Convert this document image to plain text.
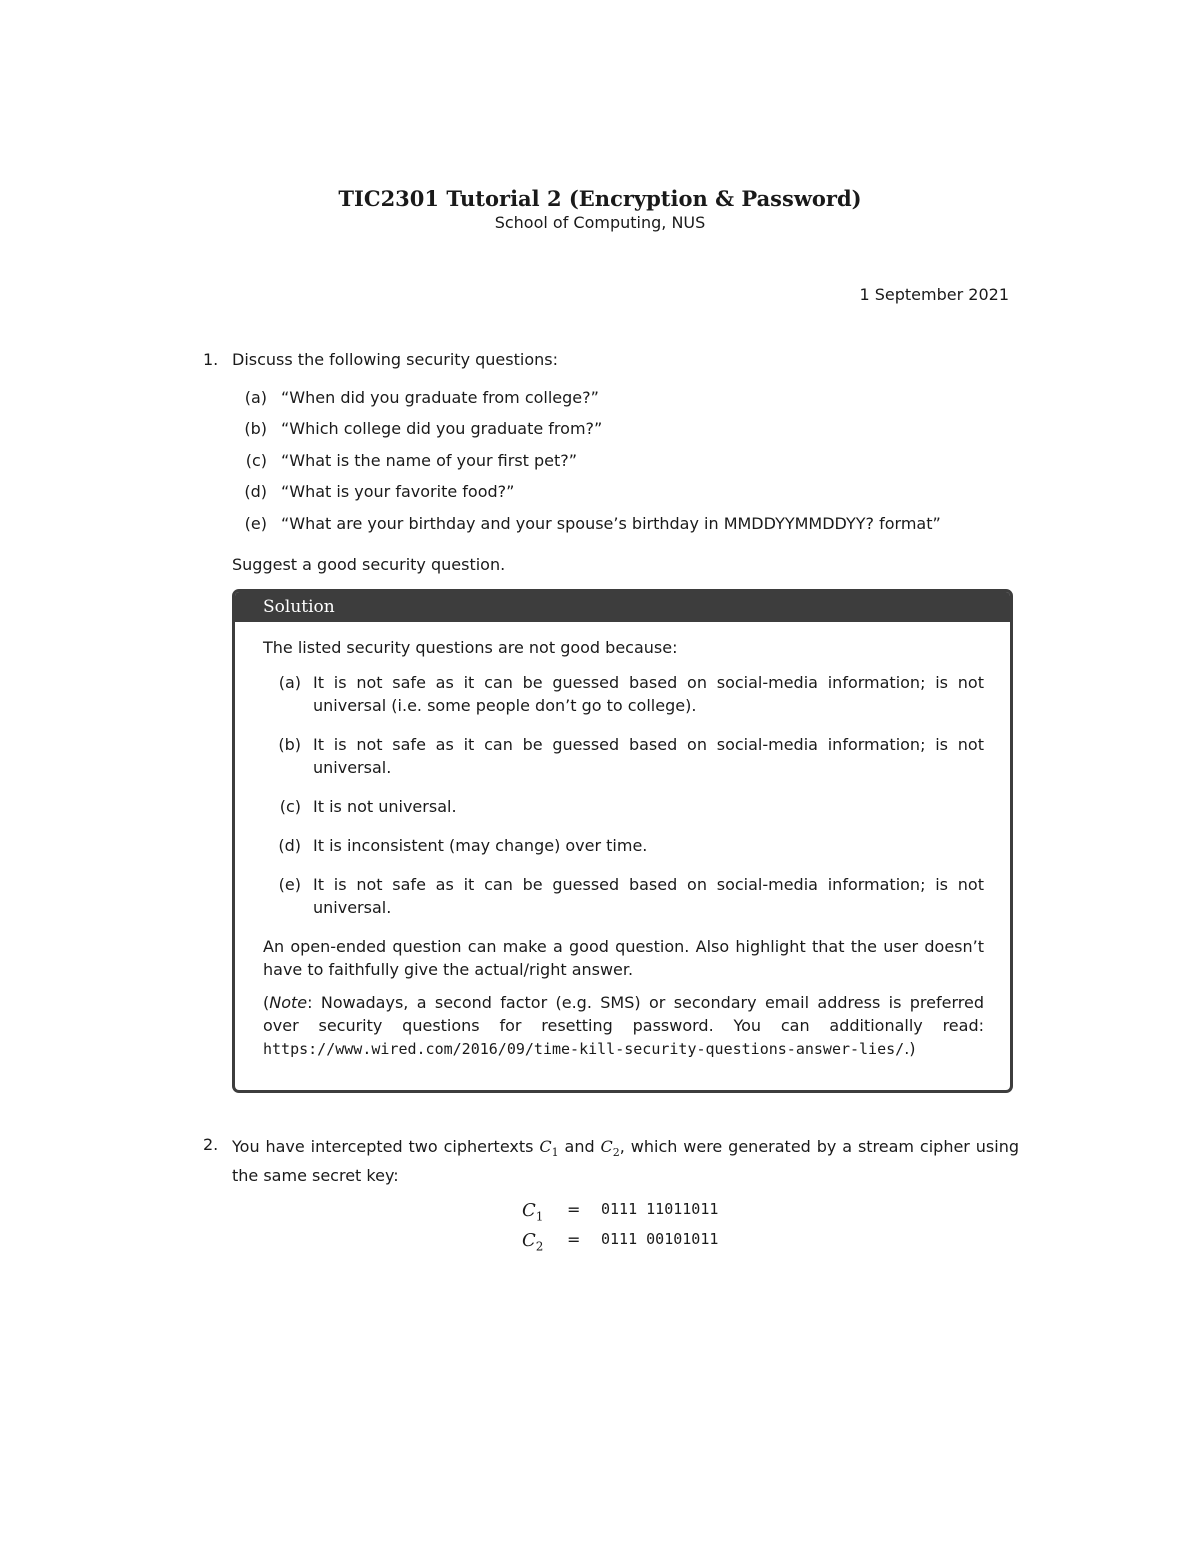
TIC2301 Tutorial 2 (Encryption & Password)
School of Computing, NUS
1 September 2021
1. Discuss the following security questions:
(a) “When did you graduate from college?”
(b) “Which college did you graduate from?”
(c) “What is the name of your first pet?”
(d) “What is your favorite food?”
(e) “What are your birthday and your spouse’s birthday in MMDDYYMMDDYY? format”
Suggest a good security question.
Solution

The listed security questions are not good because:

(a) It is not safe as it can be guessed based on social-media information; is not universal (i.e. some people don’t go to college).
(b) It is not safe as it can be guessed based on social-media information; is not universal.
(c) It is not universal.
(d) It is inconsistent (may change) over time.
(e) It is not safe as it can be guessed based on social-media information; is not universal.

An open-ended question can make a good question. Also highlight that the user doesn’t have to faithfully give the actual/right answer.

(Note: Nowadays, a second factor (e.g. SMS) or secondary email address is preferred over security questions for resetting password. You can additionally read: https://www.wired.com/2016/09/time-kill-security-questions-answer-lies/.)

2. You have intercepted two ciphertexts $C_1$ and $C_2$, which were generated by a stream cipher using the same secret key:
$C_1 = 0111$ 11011011
$C_2 = 0111$ 00101011
